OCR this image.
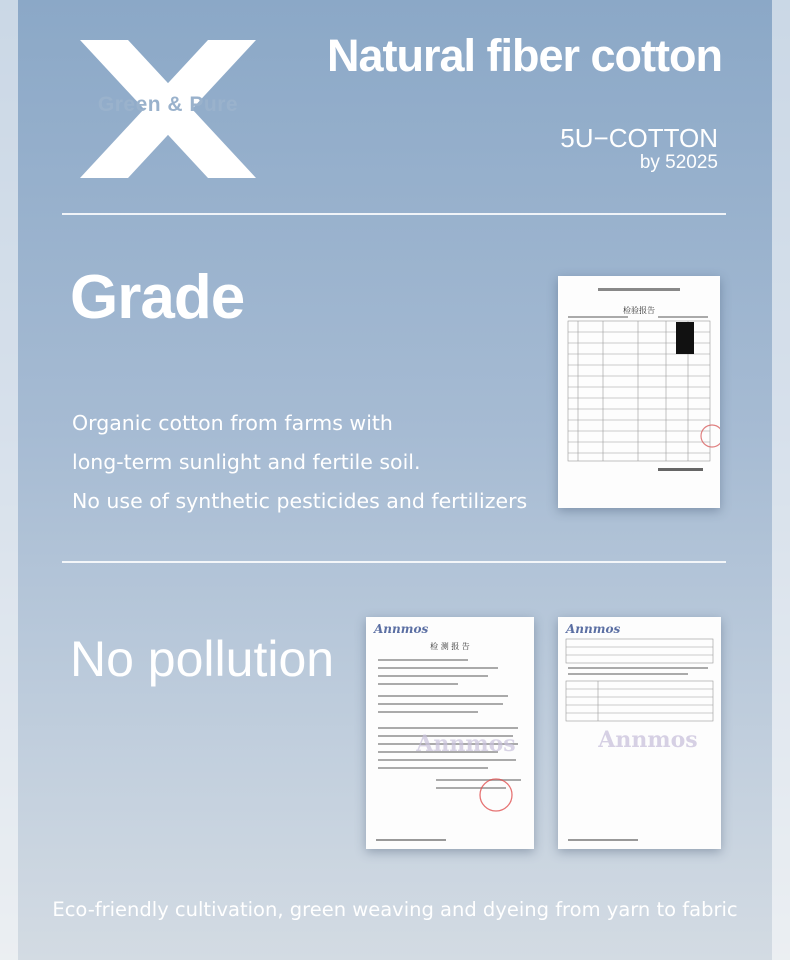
Green & Pure
Natural fiber cotton
5U−COTTON
by 52025
Grade
Organic cotton from farms with
long-term sunlight and fertile soil.
No use of synthetic pesticides and fertilizers
检验报告
No pollution
Annmos
检 测 报 告
Annmos
Annmos
Annmos
Eco-friendly cultivation, green weaving and dyeing from yarn to fabric
